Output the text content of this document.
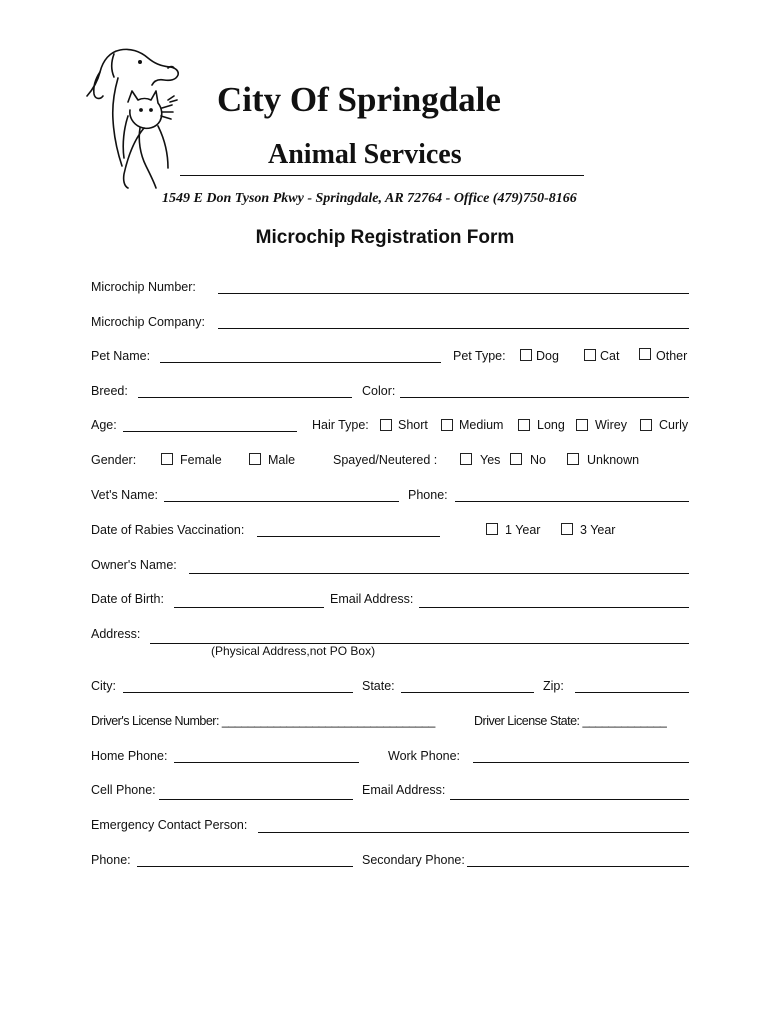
City Of Springdale
Animal Services
1549 E Don Tyson Pkwy - Springdale, AR 72764 - Office (479)750-8166
Microchip Registration Form
Microchip Number:
Microchip Company:
Pet Name:	Pet Type: Dog	Cat	Other
Breed:	Color:
Age:	Hair Type: Short Medium	Long Wirey	Curly
Gender:	Female	Male	Spayed/Neutered :	Yes No	Unknown
Vet's Name:	Phone:
Date of Rabies Vaccination:	1 Year	3 Year
Owner's Name:
Date of Birth:	Email Address:
Address:
(Physical Address,not PO Box)
City:	State:	Zip:
Driver's License Number: _________________________________	Driver License State: _____________
Home Phone:	Work Phone:
Cell Phone:	Email Address:
Emergency Contact Person:
Phone:	Secondary Phone:
